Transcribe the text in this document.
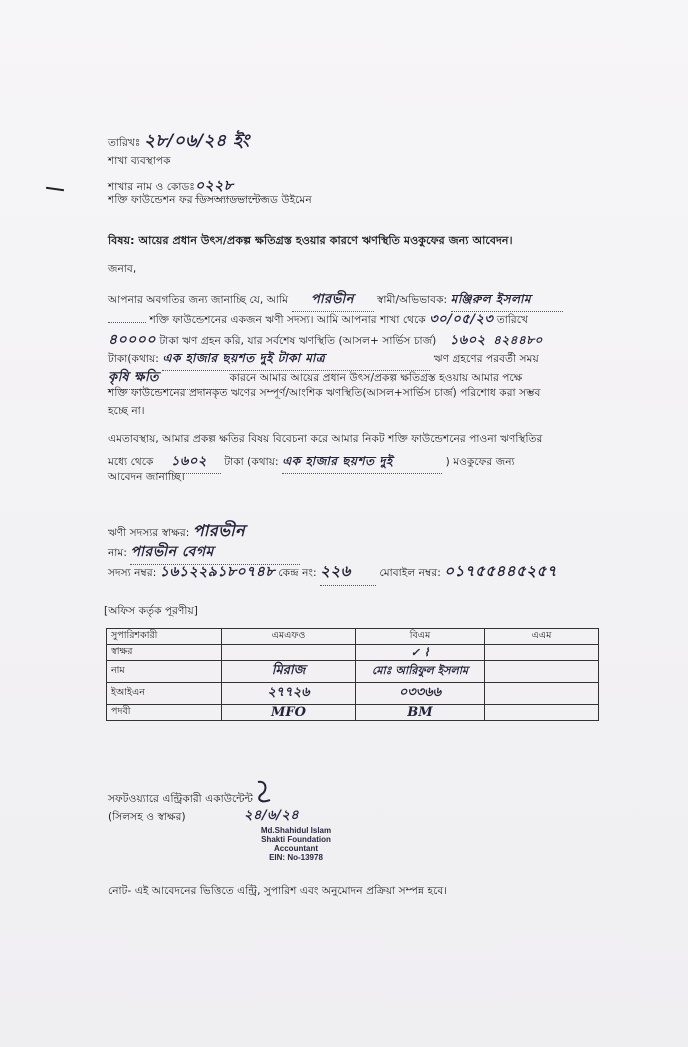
তারিখঃ ২৮/০৬/২৪ ইং
শাখা ব্যবস্থাপক
শাখার নাম ও কোডঃ০২২৮
শক্তি ফাউন্ডেশন ফর ডিসঅ্যাডভান্টেজড উইমেন
বিষয়: আয়ের প্রধান উৎস/প্রকল্প ক্ষতিগ্রস্ত হওয়ার কারণে ঋণস্থিতি মওকুফের জন্য আবেদন।
জনাব,
আপনার অবগতির জন্য জানাচ্ছি যে, আমি পারভীন স্বামী/অভিভাবক: মঞ্জিরুল ইসলাম
শক্তি ফাউন্ডেশনের একজন ঋণী সদস্য। আমি আপনার শাখা থেকে ৩০/০৫/২৩ তারিখে
৪০০০০ টাকা ঋণ গ্রহন করি, যার সর্বশেষ ঋণস্থিতি (আসল+ সার্ভিস চার্জ) ১৬০২ ৪২৪৪৮০
টাকা(কথায়: এক হাজার ছয়শত দুই টাকা মাত্র	ঋণ গ্রহণের পরবর্তী সময়
কৃষি ক্ষতি	কারনে আমার আয়ের প্রধান উৎস/প্রকল্প ক্ষতিগ্রস্ত হওয়ায় আমার পক্ষে
শক্তি ফাউন্ডেশনের প্রদানকৃত ঋণের সম্পূর্ণ/আংশিক ঋণস্থিতি(আসল+সার্ভিস চার্জ) পরিশোধ করা সম্ভব
হচ্ছে না।
এমতাবস্থায়, আমার প্রকল্প ক্ষতির বিষয় বিবেচনা করে আমার নিকট শক্তি ফাউন্ডেশনের পাওনা ঋণস্থিতির
মধ্যে থেকে ১৬০২ টাকা (কথায়: এক হাজার ছয়শত দুই	) মওকুফের জন্য
আবেদন জানাচ্ছি।
ঋণী সদস্যর স্বাক্ষর: পারভীন
নাম: পারভীন বেগম
সদস্য নম্বর: ১৬১২২৯১৮০৭৪৮ কেন্দ্র নং: ২২৬	মোবাইল নম্বর: ০১৭৫৫৪৪৫২৫৭
[অফিস কর্তৃক পূরণীয়]
সুপারিশকারী	এমএফও	বিএম	এএম
স্বাক্ষর		✓ ⌇	
নাম	মিরাজ	মোঃ আরিফুল ইসলাম	
ইআইএন	২৭৭২৬	০৩৩৬৬	
পদবী	MFO	BM	
সফটওয়্যারে এন্ট্রিকারী একাউন্টেন্ট
(সিলসহ ও স্বাক্ষর)	২৪/৬/২৪
Md.Shahidul Islam
Shakti Foundation
Accountant
EIN: No-13978
নোট- এই আবেদনের ভিত্তিতে এন্ট্রি, সুপারিশ এবং অনুমোদন প্রক্রিয়া সম্পন্ন হবে।
